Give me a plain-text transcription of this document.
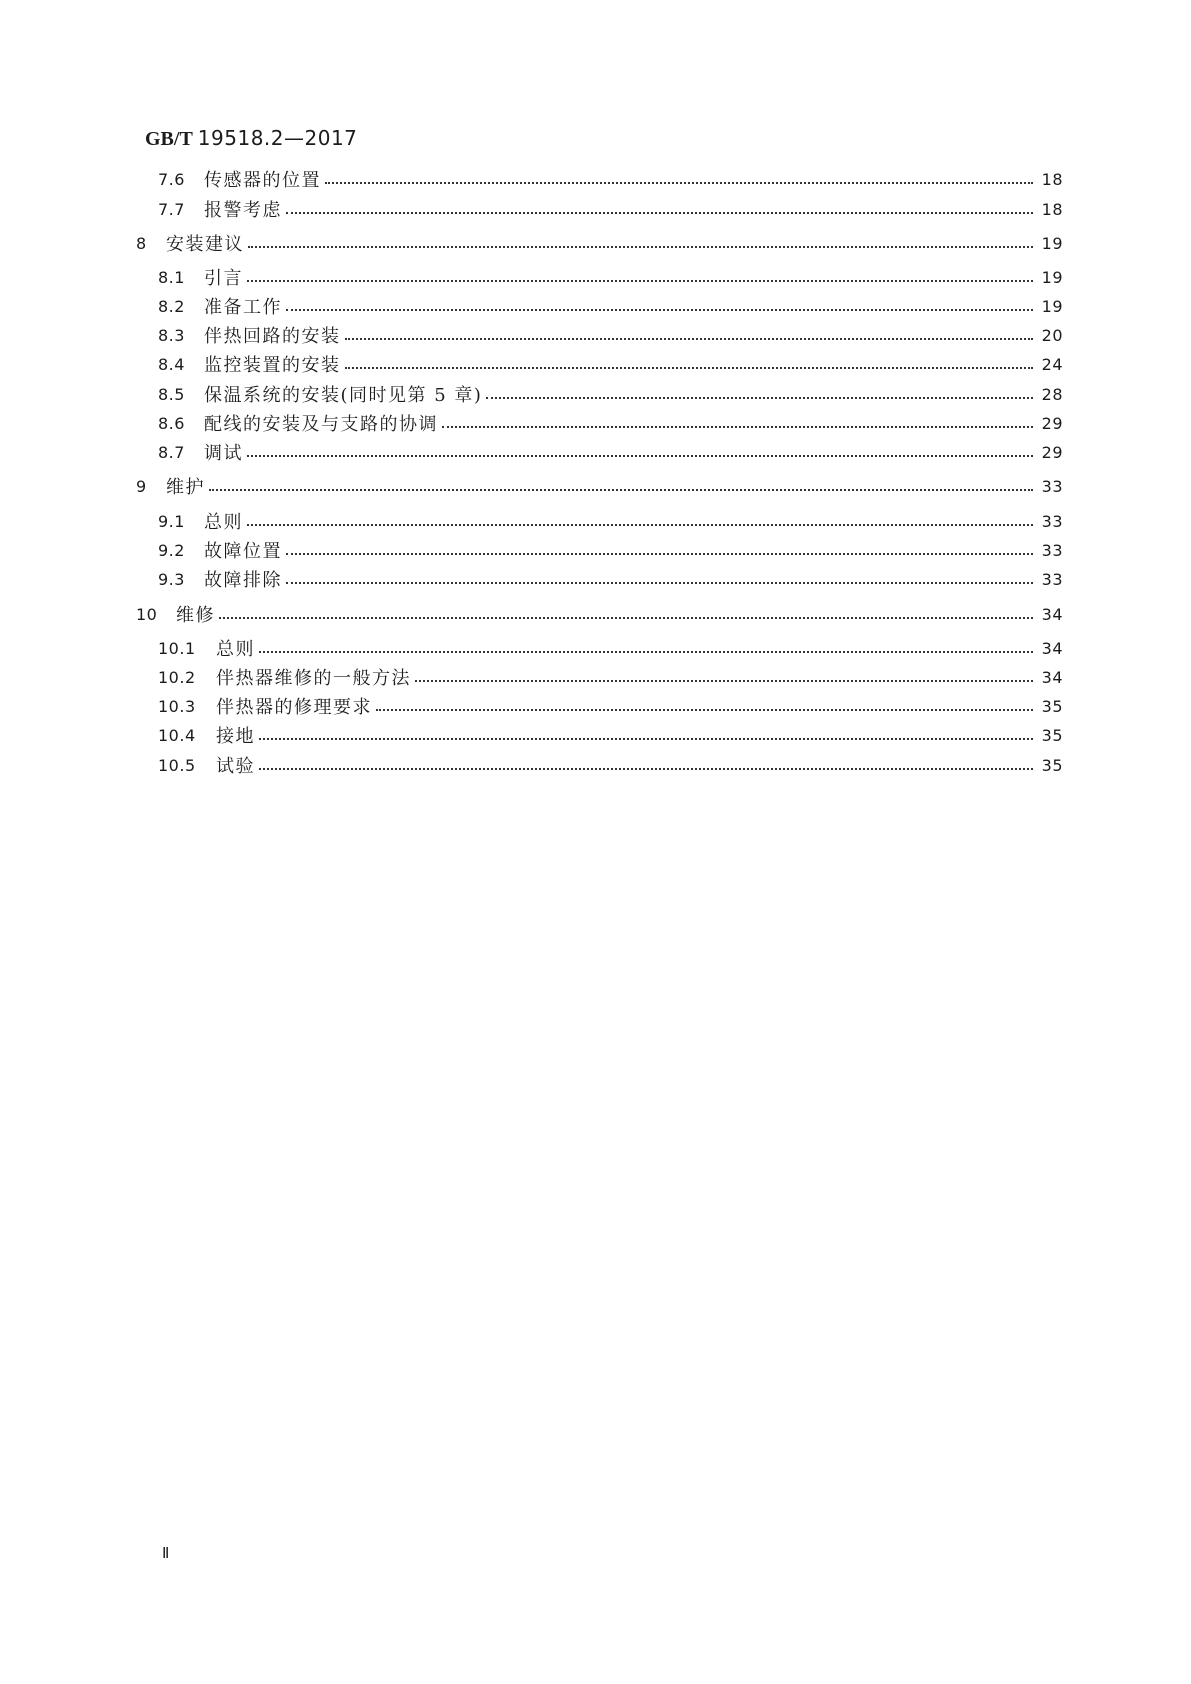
GB/T 19518.2—2017
7.6	传感器的位置	18
7.7	报警考虑	18
8	安装建议	19
8.1	引言	19
8.2	准备工作	19
8.3	伴热回路的安装	20
8.4	监控装置的安装	24
8.5	保温系统的安装(同时见第 5 章)	28
8.6	配线的安装及与支路的协调	29
8.7	调试	29
9	维护	33
9.1	总则	33
9.2	故障位置	33
9.3	故障排除	33
10	维修	34
10.1	总则	34
10.2	伴热器维修的一般方法	34
10.3	伴热器的修理要求	35
10.4	接地	35
10.5	试验	35
Ⅱ
